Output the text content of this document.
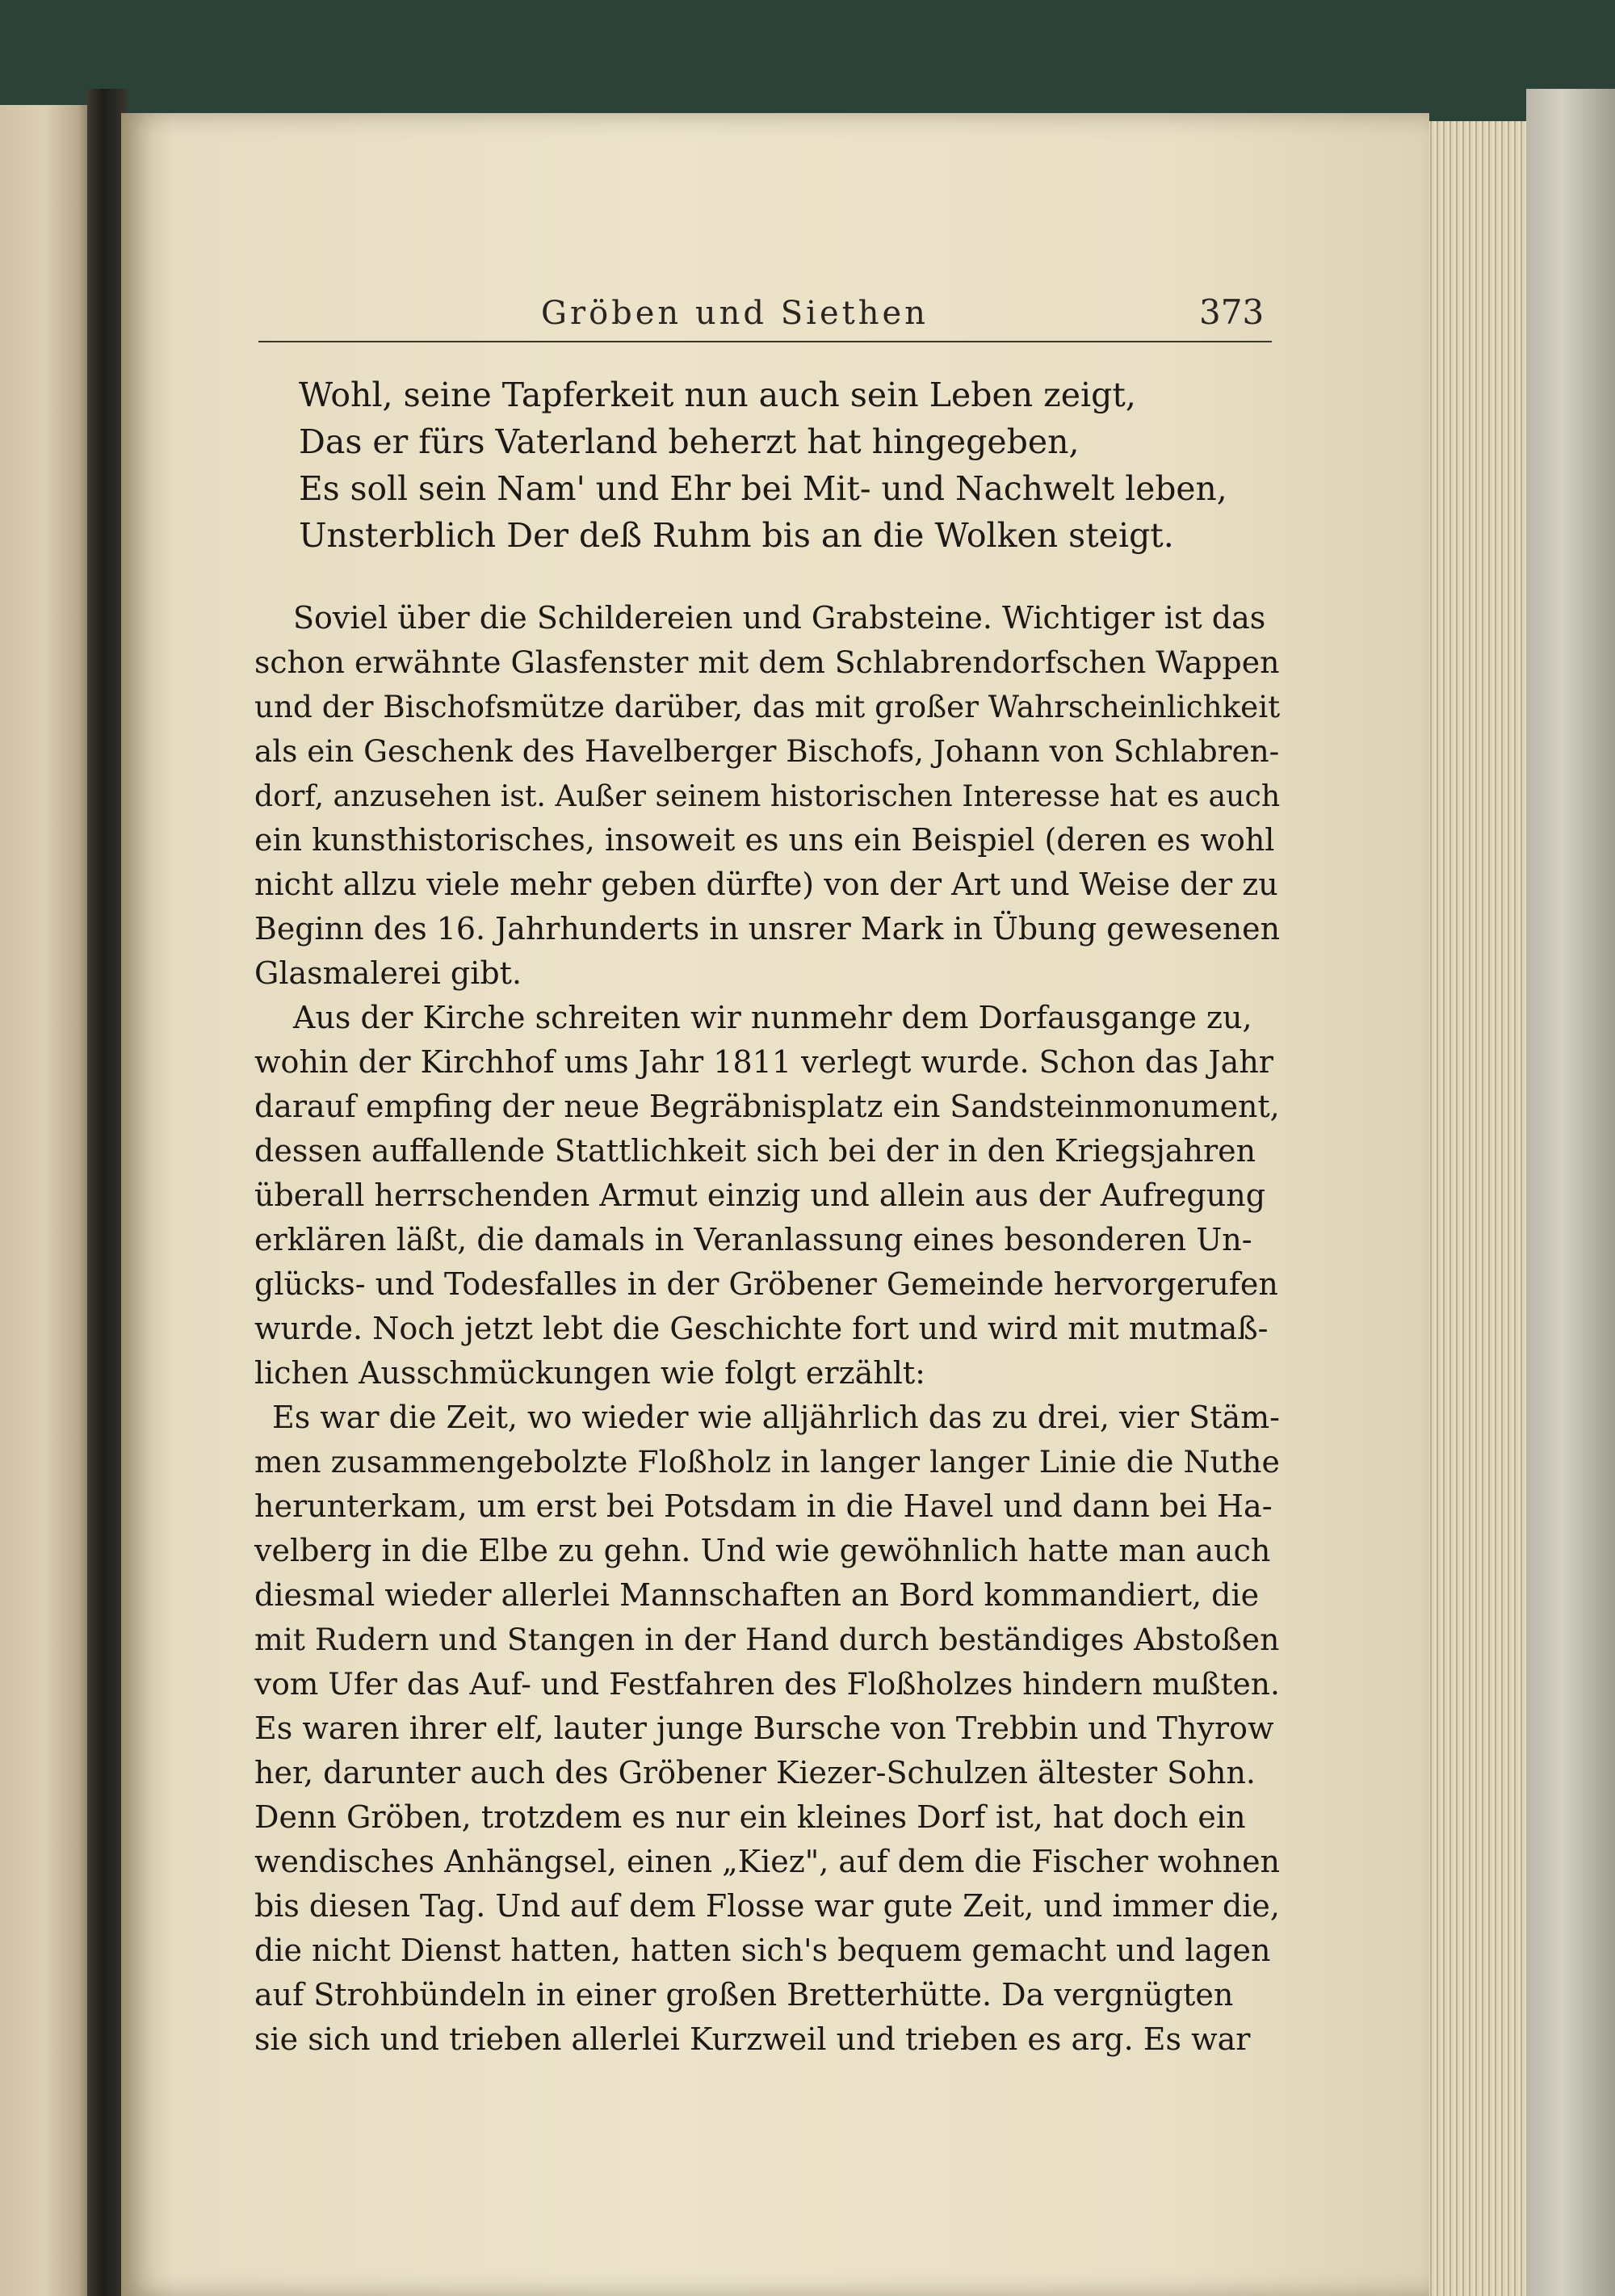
Gröben und Siethen	373
Wohl, seine Tapferkeit nun auch sein Leben zeigt,
Das er fürs Vaterland beherzt hat hingegeben,
Es soll sein Nam' und Ehr bei Mit- und Nachwelt leben,
Unsterblich Der deß Ruhm bis an die Wolken steigt.
Soviel über die Schildereien und Grabsteine. Wichtiger ist das
schon erwähnte Glasfenster mit dem Schlabrendorfschen Wappen
und der Bischofsmütze darüber, das mit großer Wahrscheinlichkeit
als ein Geschenk des Havelberger Bischofs, Johann von Schlabren-
dorf, anzusehen ist. Außer seinem historischen Interesse hat es auch
ein kunsthistorisches, insoweit es uns ein Beispiel (deren es wohl
nicht allzu viele mehr geben dürfte) von der Art und Weise der zu
Beginn des 16. Jahrhunderts in unsrer Mark in Übung gewesenen
Glasmalerei gibt.
Aus der Kirche schreiten wir nunmehr dem Dorfausgange zu,
wohin der Kirchhof ums Jahr 1811 verlegt wurde. Schon das Jahr
darauf empfing der neue Begräbnisplatz ein Sandsteinmonument,
dessen auffallende Stattlichkeit sich bei der in den Kriegsjahren
überall herrschenden Armut einzig und allein aus der Aufregung
erklären läßt, die damals in Veranlassung eines besonderen Un-
glücks- und Todesfalles in der Gröbener Gemeinde hervorgerufen
wurde. Noch jetzt lebt die Geschichte fort und wird mit mutmaß-
lichen Ausschmückungen wie folgt erzählt:
Es war die Zeit, wo wieder wie alljährlich das zu drei, vier Stäm-
men zusammengebolzte Floßholz in langer langer Linie die Nuthe
herunterkam, um erst bei Potsdam in die Havel und dann bei Ha-
velberg in die Elbe zu gehn. Und wie gewöhnlich hatte man auch
diesmal wieder allerlei Mannschaften an Bord kommandiert, die
mit Rudern und Stangen in der Hand durch beständiges Abstoßen
vom Ufer das Auf- und Festfahren des Floßholzes hindern mußten.
Es waren ihrer elf, lauter junge Bursche von Trebbin und Thyrow
her, darunter auch des Gröbener Kiezer-Schulzen ältester Sohn.
Denn Gröben, trotzdem es nur ein kleines Dorf ist, hat doch ein
wendisches Anhängsel, einen „Kiez", auf dem die Fischer wohnen
bis diesen Tag. Und auf dem Flosse war gute Zeit, und immer die,
die nicht Dienst hatten, hatten sich's bequem gemacht und lagen
auf Strohbündeln in einer großen Bretterhütte. Da vergnügten
sie sich und trieben allerlei Kurzweil und trieben es arg. Es war
